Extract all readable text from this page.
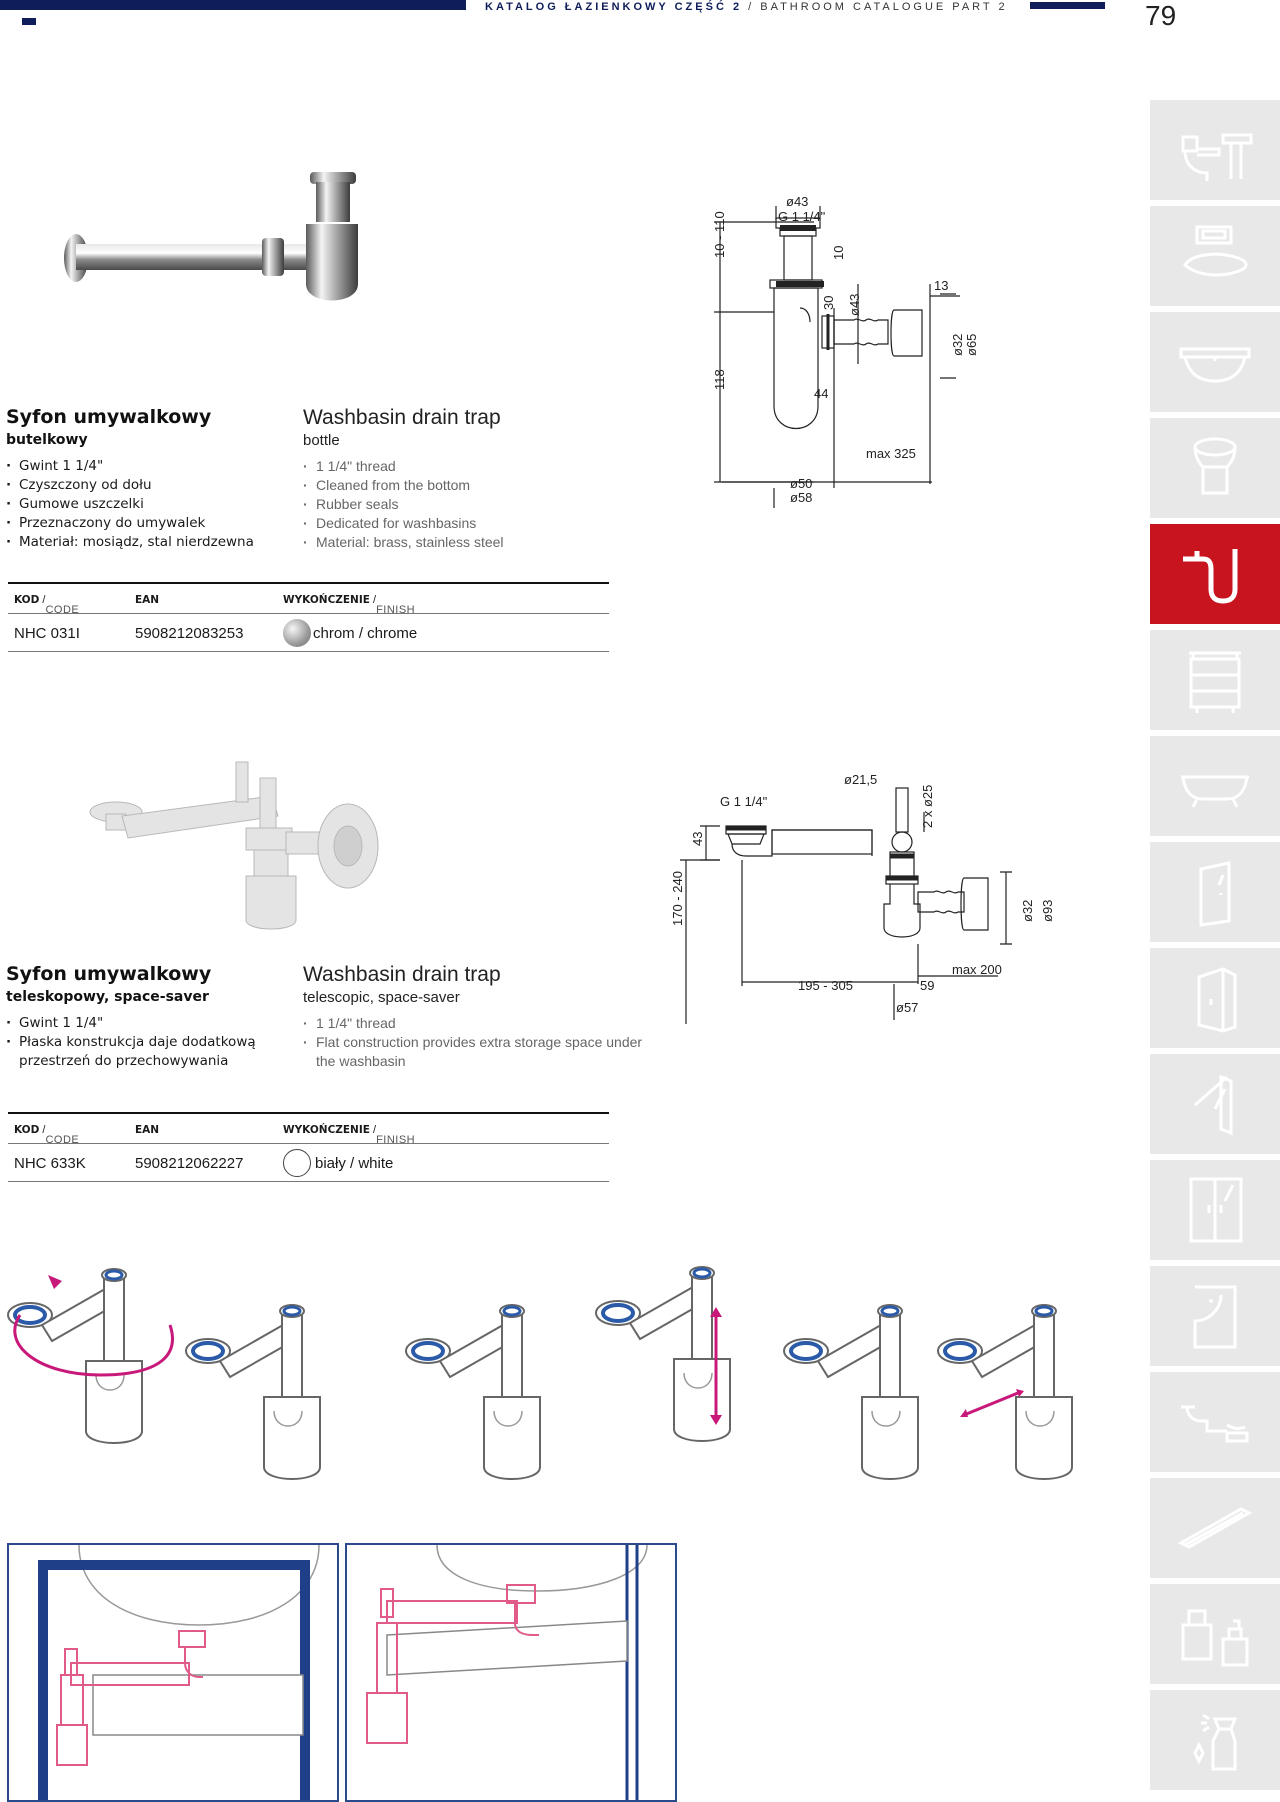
KATALOG ŁAZIENKOWY CZĘŚĆ 2 / BATHROOM CATALOGUE PART 2	79
Syfon umywalkowy
butelkowy
· Gwint 1 1/4"
· Czyszczony od dołu
· Gumowe uszczelki
· Przeznaczony do umywalek
· Materiał: mosiądz, stal nierdzewna
Washbasin drain trap
bottle
· 1 1/4" thread
· Cleaned from the bottom
· Rubber seals
· Dedicated for washbasins
· Material: brass, stainless steel
KOD /
CODE
EAN	WYKOŃCZENIE /
FINISH
NHC 031I	5908212083253	chrom / chrome
ø43
G 1 1/4"
10 - 110	10
30 ø43
13
ø32 ø65
118
44
max 325
ø50
ø58
Syfon umywalkowy
teleskopowy, space-saver
· Gwint 1 1/4"
· Płaska konstrukcja daje dodatkową przestrzeń do przechowywania
Washbasin drain trap
telescopic, space-saver
· 1 1/4" thread
· Flat construction provides extra storage space under the washbasin
KOD /
CODE
EAN	WYKOŃCZENIE /
FINISH
NHC 633K	5908212062227	biały / white
ø21,5
2 x ø25
G 1 1/4"
43
170 - 240	ø32 ø93
195 - 305	59
max 200
ø57
